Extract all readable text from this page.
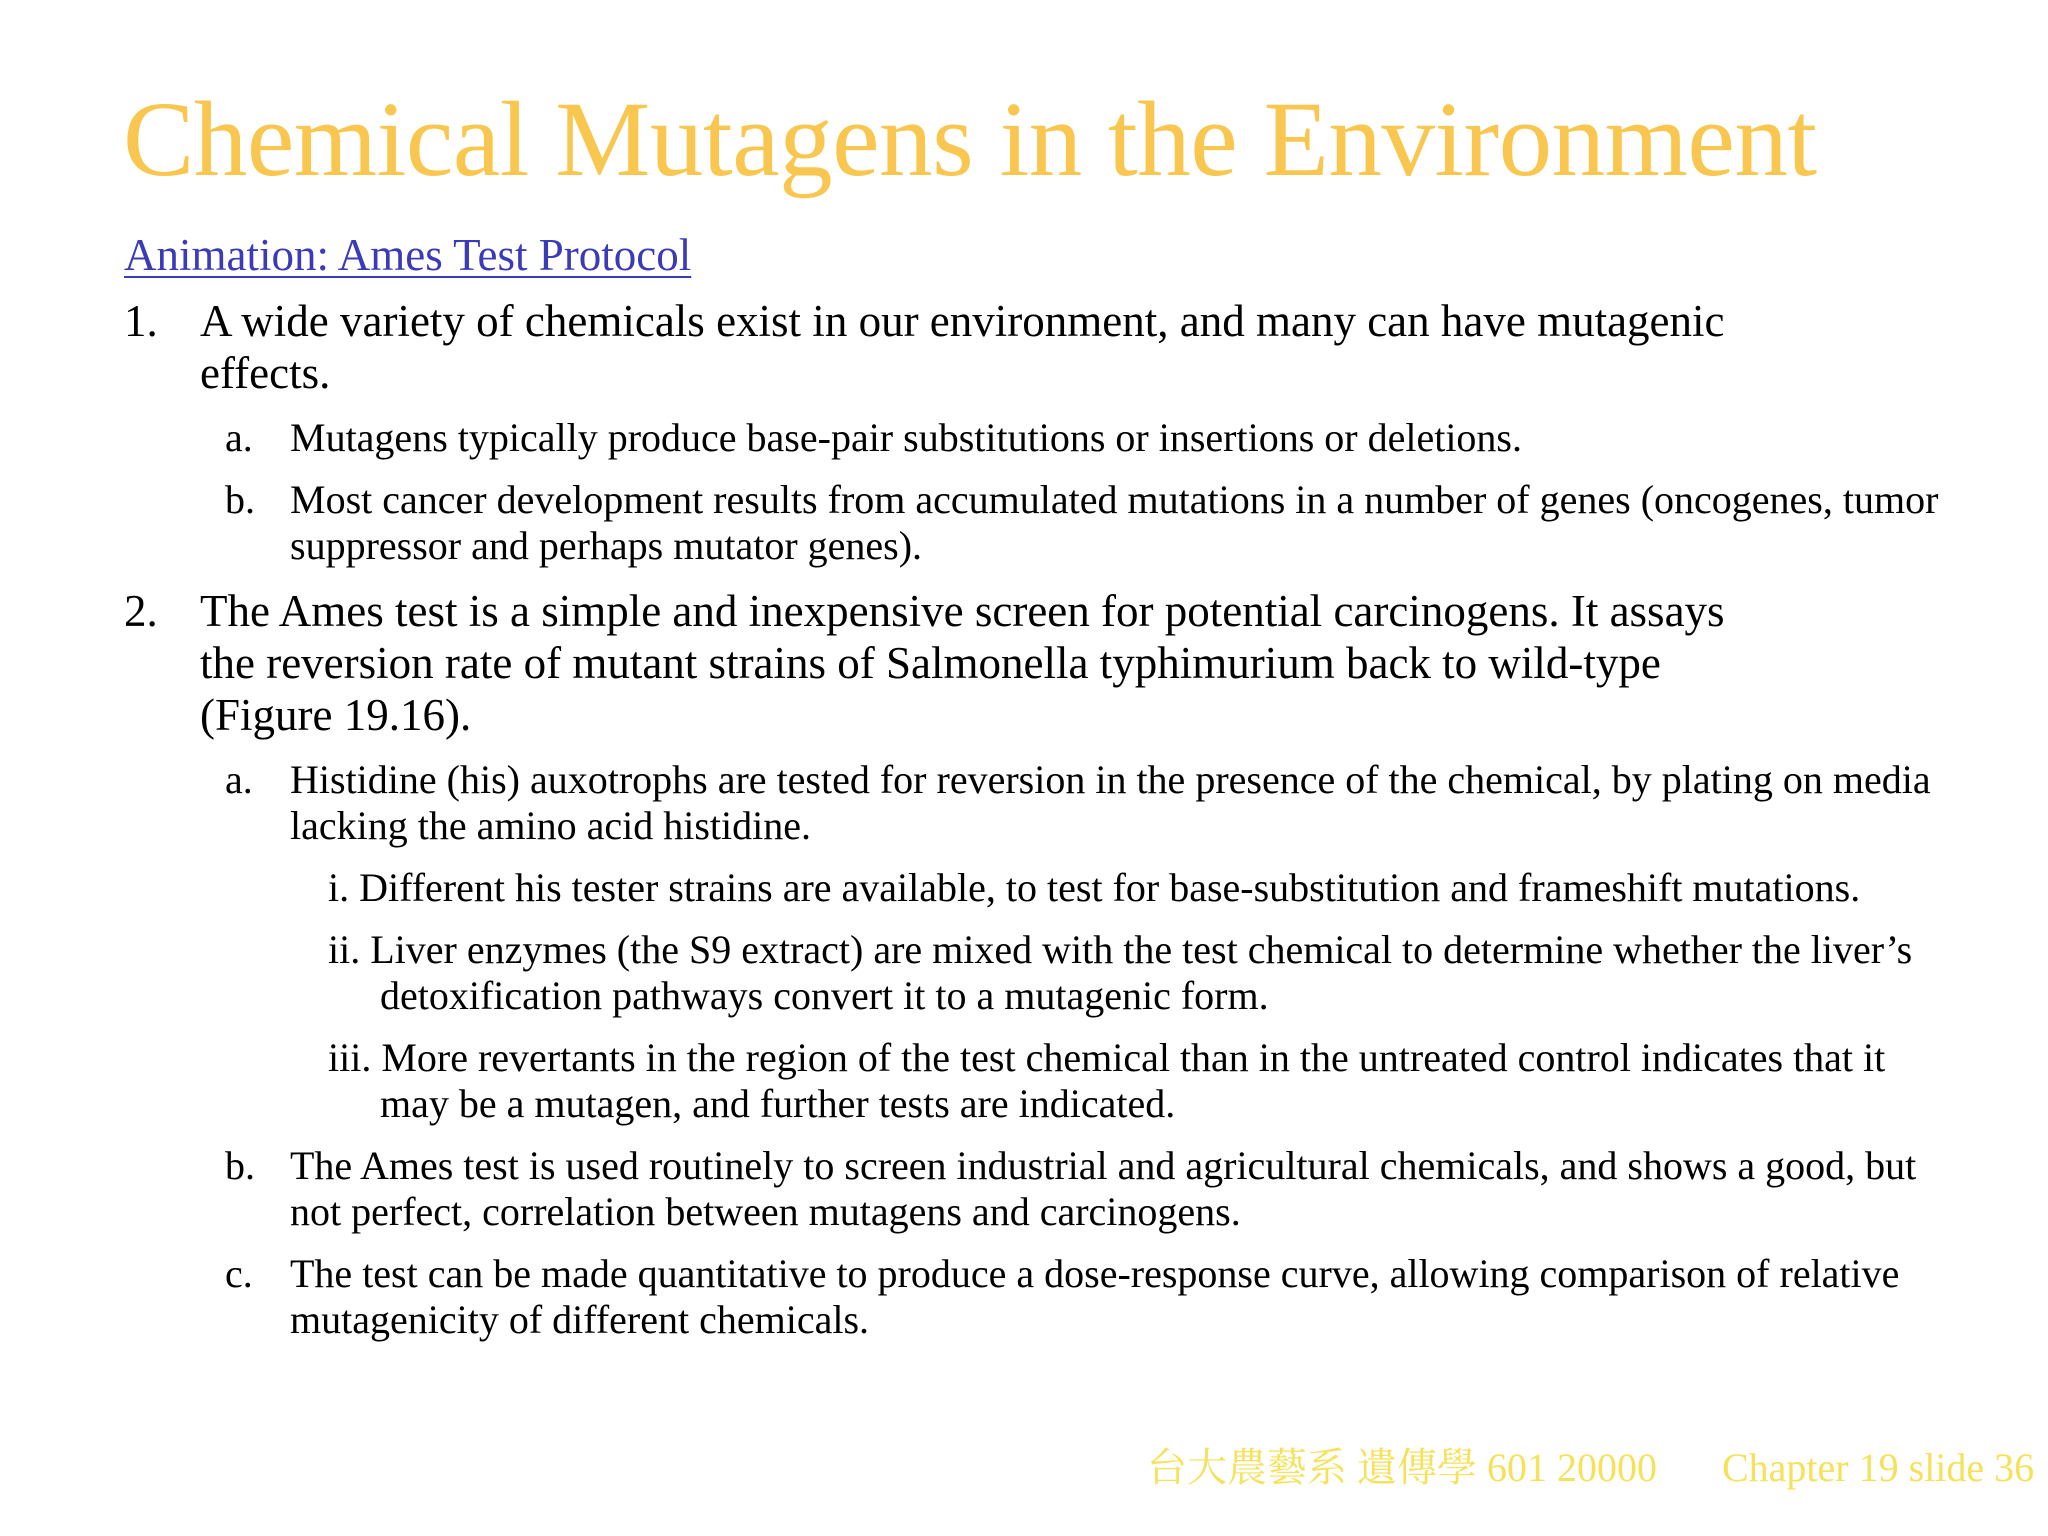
Chemical Mutagens in the Environment
Animation: Ames Test Protocol
1. A wide variety of chemicals exist in our environment, and many can have mutagenic effects.
a. Mutagens typically produce base-pair substitutions or insertions or deletions.
b. Most cancer development results from accumulated mutations in a number of genes (oncogenes, tumor suppressor and perhaps mutator genes).
2. The Ames test is a simple and inexpensive screen for potential carcinogens. It assays the reversion rate of mutant strains of Salmonella typhimurium back to wild-type (Figure 19.16).
a. Histidine (his) auxotrophs are tested for reversion in the presence of the chemical, by plating on media lacking the amino acid histidine.
i. Different his tester strains are available, to test for base-substitution and frameshift mutations.
ii. Liver enzymes (the S9 extract) are mixed with the test chemical to determine whether the liver’s detoxification pathways convert it to a mutagenic form.
iii. More revertants in the region of the test chemical than in the untreated control indicates that it may be a mutagen, and further tests are indicated.
b. The Ames test is used routinely to screen industrial and agricultural chemicals, and shows a good, but not perfect, correlation between mutagens and carcinogens.
c. The test can be made quantitative to produce a dose-response curve, allowing comparison of relative mutagenicity of different chemicals.
台大農藝系 遺傳學 601 20000 Chapter 19 slide 36
